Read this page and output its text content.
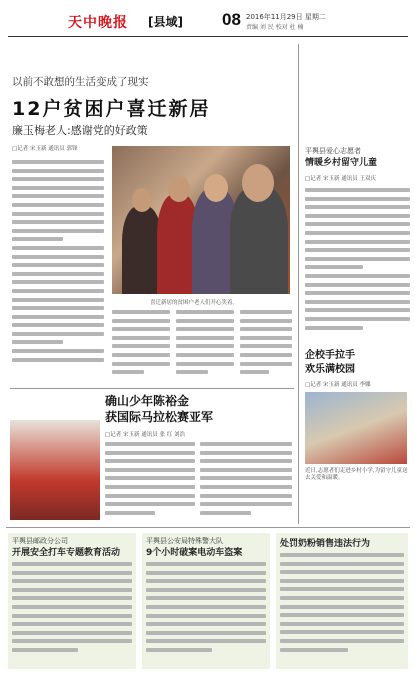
天中晚报 [县域] 08 2016年11月29日 星期二
责编 刘 民 校对 杜 楠
以前不敢想的生活变成了现实
12户贫困户喜迁新居
廉玉梅老人:感谢党的好政策
□记者 宋玉新 通讯员 郭锋
喜迁新居的贫困户老人们开心笑着。
平舆县爱心志愿者
情暖乡村留守儿童
□记者 宋玉新 通讯员 王双庆
企校手拉手
欢乐满校园
□记者 宋玉新 通讯员 李娜
近日,志愿者们走进乡村小学,为留守儿童送去关爱和温暖。
确山少年陈裕金
获国际马拉松赛亚军
□记者 宋玉新 通讯员 张 红 刘浩
平舆县邮政分公司
开展安全打车专题教育活动
平舆县公安局特殊警大队
9个小时破案电动车盗案
处罚奶粉销售违法行为
